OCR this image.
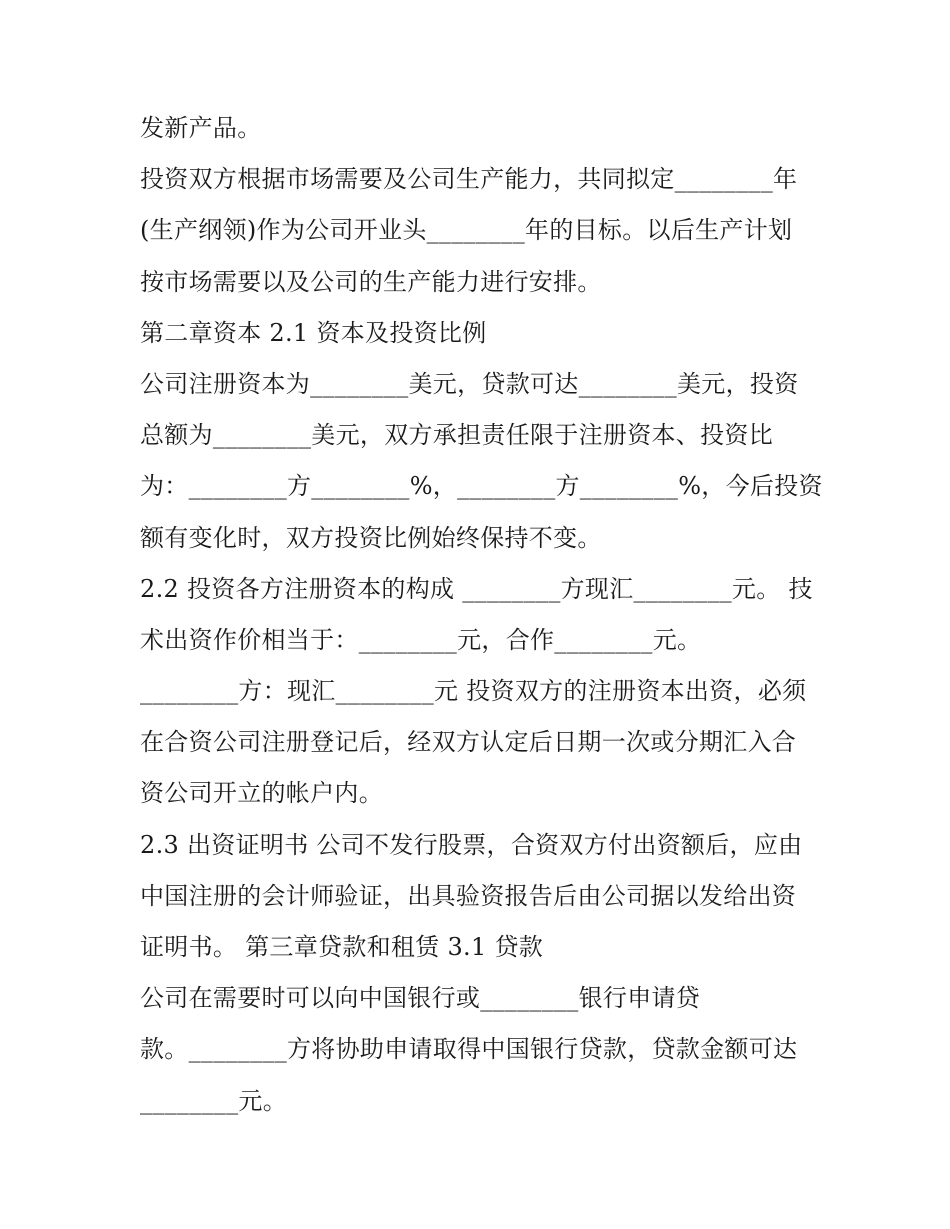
发新产品。
投资双方根据市场需要及公司生产能力，共同拟定________年
(生产纲领)作为公司开业头________年的目标。以后生产计划
按市场需要以及公司的生产能力进行安排。
第二章资本 2.1 资本及投资比例
公司注册资本为________美元，贷款可达________美元，投资
总额为________美元，双方承担责任限于注册资本、投资比
为：________方________%，________方________%，今后投资
额有变化时，双方投资比例始终保持不变。
2.2 投资各方注册资本的构成 ________方现汇________元。 技
术出资作价相当于：________元，合作________元。
________方：现汇________元 投资双方的注册资本出资，必须
在合资公司注册登记后，经双方认定后日期一次或分期汇入合
资公司开立的帐户内。
2.3 出资证明书 公司不发行股票，合资双方付出资额后，应由
中国注册的会计师验证，出具验资报告后由公司据以发给出资
证明书。 第三章贷款和租赁 3.1 贷款
公司在需要时可以向中国银行或________银行申请贷
款。________方将协助申请取得中国银行贷款，贷款金额可达
________元。
